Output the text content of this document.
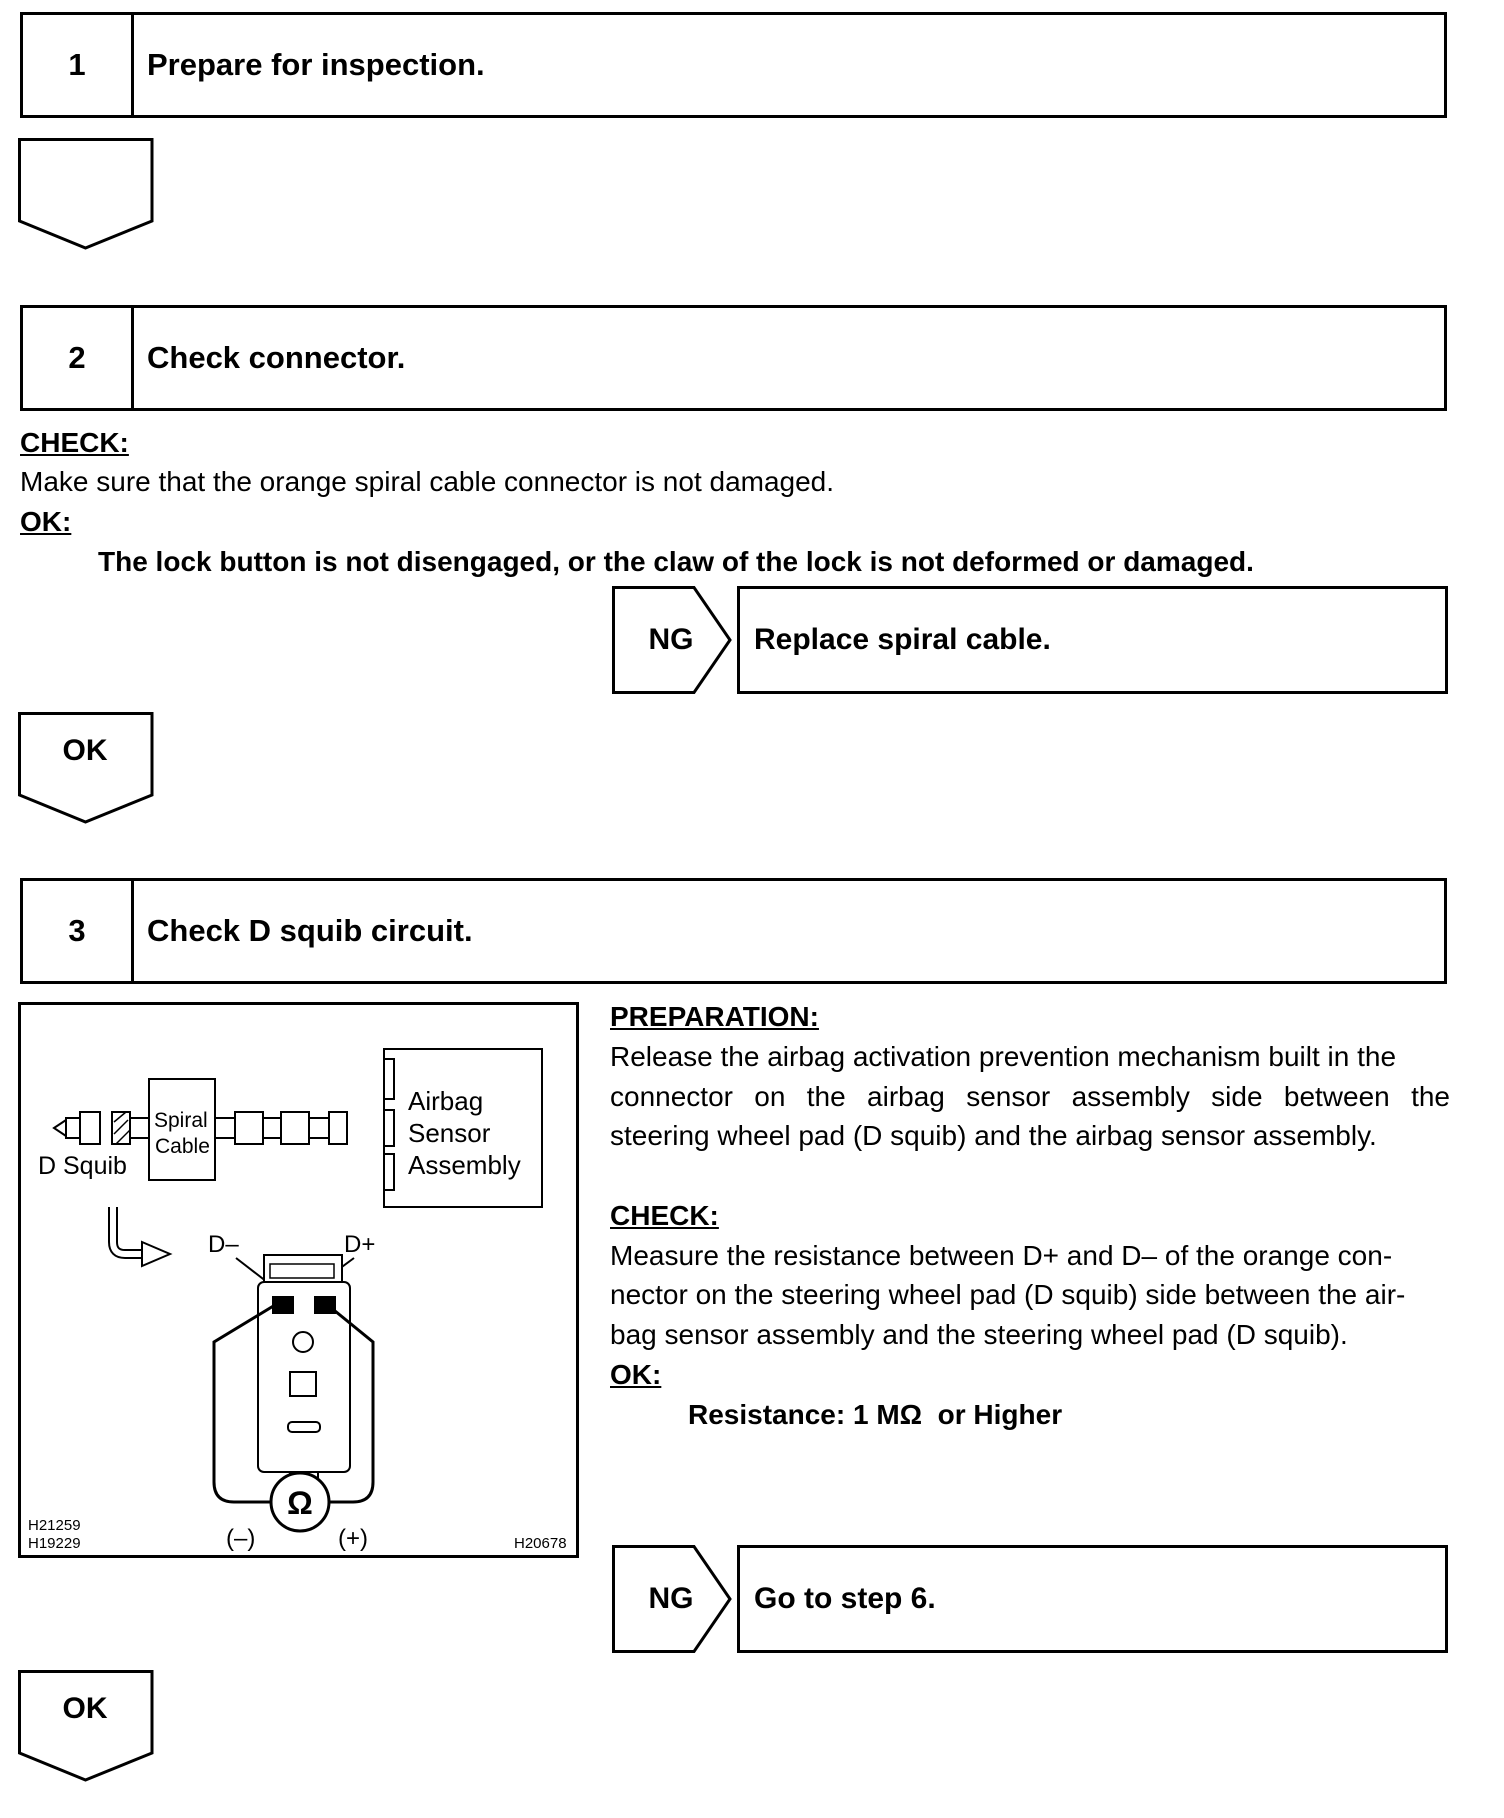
1	Prepare for inspection.
2	Check connector.
CHECK:
Make sure that the orange spiral cable connector is not damaged.
OK:
The lock button is not disengaged, or the claw of the lock is not deformed or damaged.
NG	Replace spiral cable.
OK
3	Check D squib circuit.
Airbag
Sensor
Assembly
Spiral
Cable
D Squib
D–	D+
Ω
(–)	(+)
H21259
H19229	H20678
PREPARATION:
Release the airbag activation prevention mechanism built in the
connector on the airbag sensor assembly side between the
steering wheel pad (D squib) and the airbag sensor assembly.
CHECK:
Measure the resistance between D+ and D– of the orange con-
nector on the steering wheel pad (D squib) side between the air-
bag sensor assembly and the steering wheel pad (D squib).
OK:
Resistance: 1 MΩ  or Higher
NG	Go to step 6.
OK
